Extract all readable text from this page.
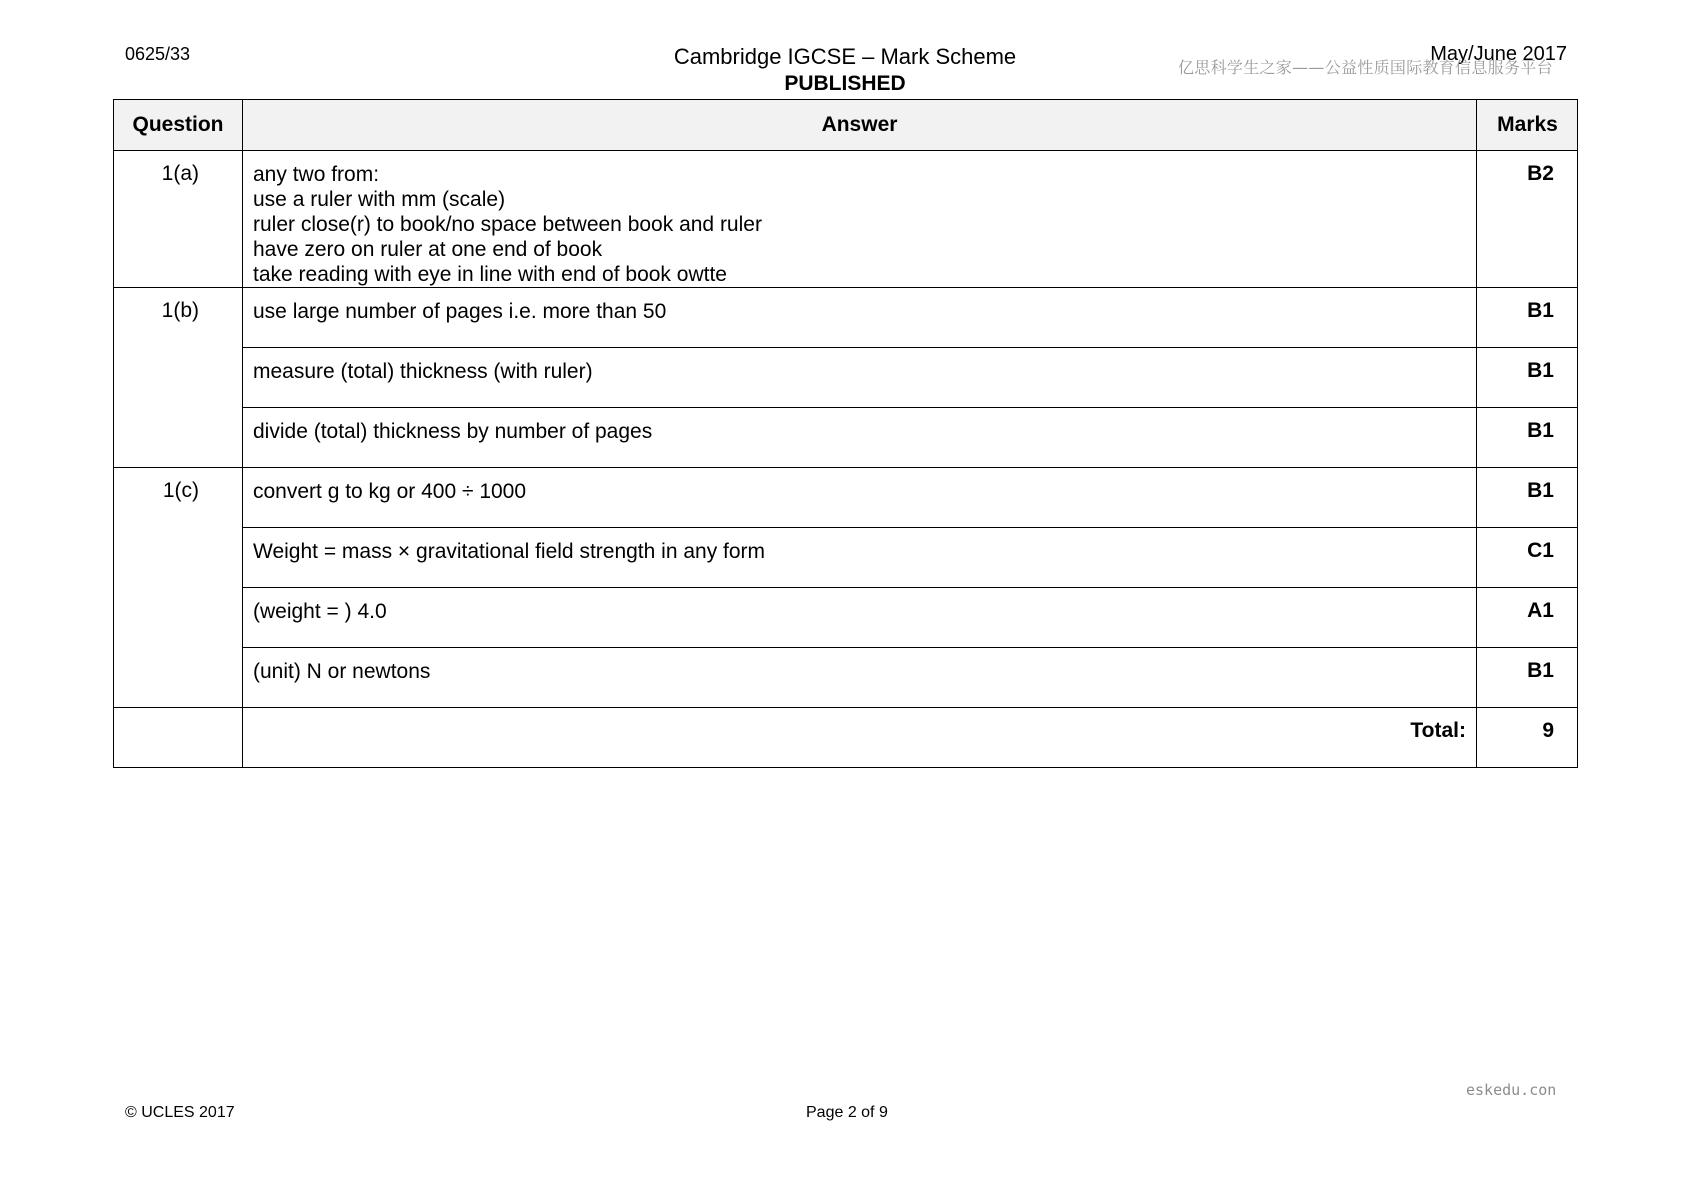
0625/33	Cambridge IGCSE – Mark Scheme
PUBLISHED
May/June 2017
亿思科学生之家——公益性质国际教育信息服务平台
Question	Answer	Marks
1(a)	any two from:
use a ruler with mm (scale)
ruler close(r) to book/no space between book and ruler
have zero on ruler at one end of book
take reading with eye in line with end of book owtte	B2
1(b)	use large number of pages i.e. more than 50	B1
	measure (total) thickness (with ruler)	B1
	divide (total) thickness by number of pages	B1
1(c)	convert g to kg or 400 ÷ 1000	B1
	Weight = mass × gravitational field strength in any form	C1
	(weight = ) 4.0	A1
	(unit) N or newtons	B1
	Total:	9
eskedu.con
© UCLES 2017	Page 2 of 9
